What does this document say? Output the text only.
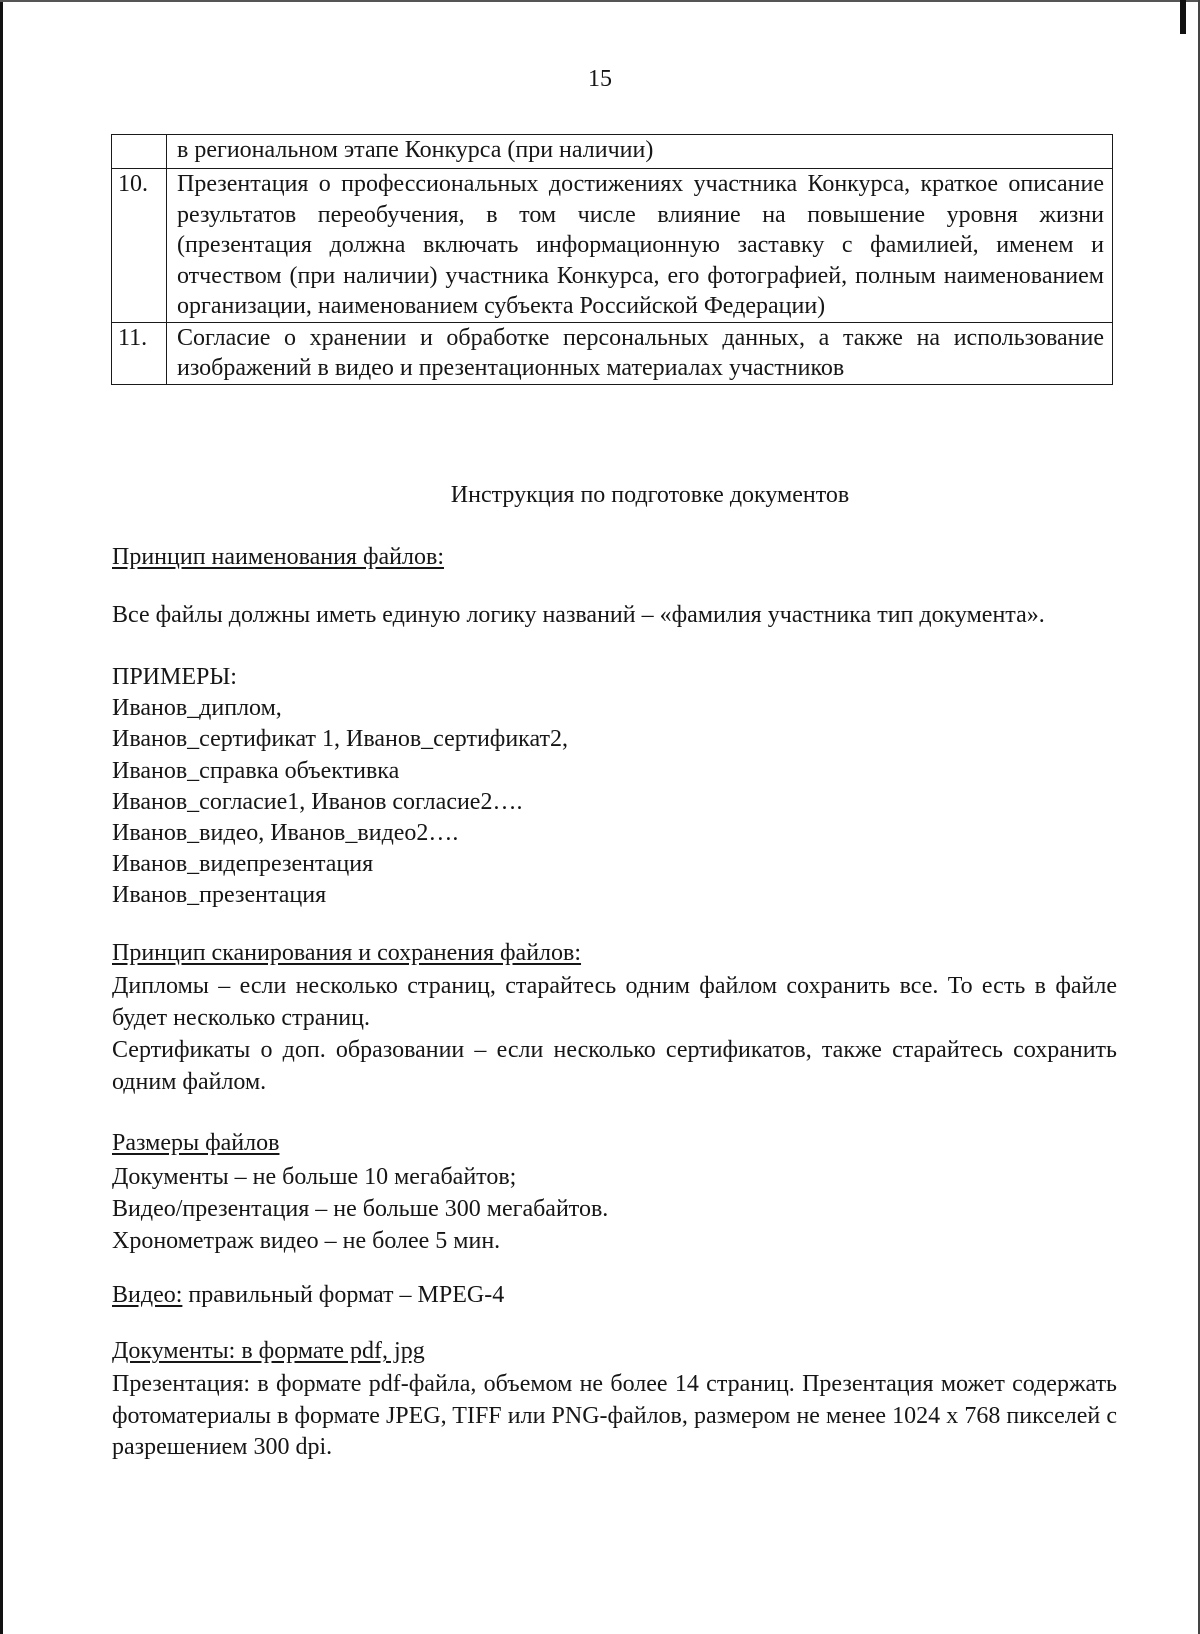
15
	в региональном этапе Конкурса (при наличии)
10.	Презентация о профессиональных достижениях участника Конкурса, краткое описание результатов переобучения, в том числе влияние на повышение уровня жизни (презентация должна включать информационную заставку с фамилией, именем и отчеством (при наличии) участника Конкурса, его фотографией, полным наименованием организации, наименованием субъекта Российской Федерации)
11.	Согласие о хранении и обработке персональных данных, а также на использование изображений в видео и презентационных материалах участников
Инструкция по подготовке документов
Принцип наименования файлов:
Все файлы должны иметь единую логику названий – «фамилия участника тип документа».
ПРИМЕРЫ:
Иванов_диплом,
Иванов_сертификат 1, Иванов_сертификат2,
Иванов_справка объективка
Иванов_согласие1, Иванов согласие2….
Иванов_видео, Иванов_видео2….
Иванов_видепрезентация
Иванов_презентация
Принцип сканирования и сохранения файлов:
Дипломы – если несколько страниц, старайтесь одним файлом сохранить все. То есть в файле будет несколько страниц.
Сертификаты о доп. образовании – если несколько сертификатов, также старайтесь сохранить одним файлом.
Размеры файлов
Документы – не больше 10 мегабайтов;
Видео/презентация – не больше 300 мегабайтов.
Хронометраж видео – не более 5 мин.
Видео: правильный формат – MPEG-4
Документы: в формате pdf, jpg
Презентация: в формате pdf-файла, объемом не более 14 страниц. Презентация может содержать фотоматериалы в формате JPEG, TIFF или PNG-файлов, размером не менее 1024 х 768 пикселей с разрешением 300 dpi.
